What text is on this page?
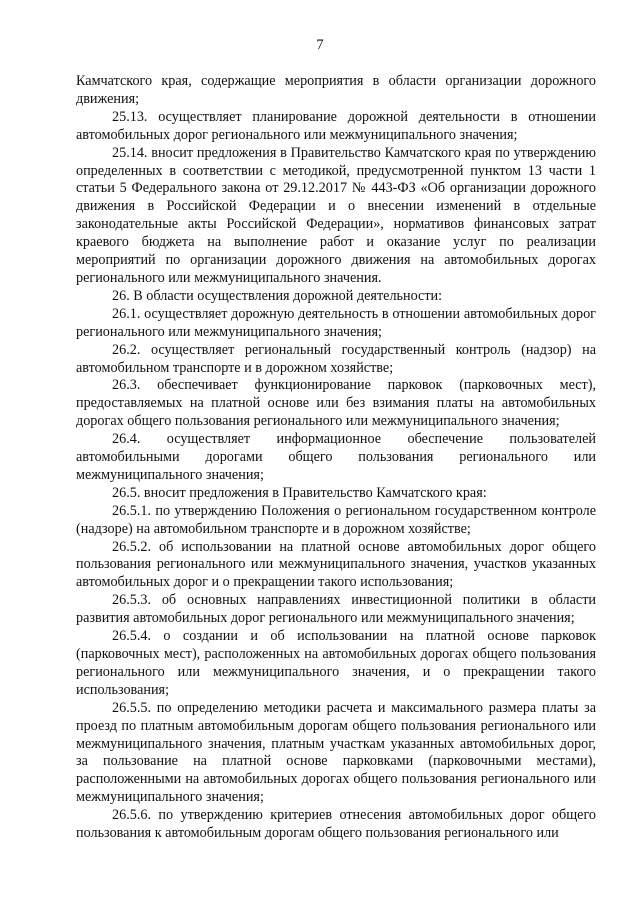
7

Камчатского края, содержащие мероприятия в области организации дорожного движения;

25.13. осуществляет планирование дорожной деятельности в отношении автомобильных дорог регионального или межмуниципального значения;

25.14. вносит предложения в Правительство Камчатского края по утверждению определенных в соответствии с методикой, предусмотренной пунктом 13 части 1 статьи 5 Федерального закона от 29.12.2017 № 443-ФЗ «Об организации дорожного движения в Российской Федерации и о внесении изменений в отдельные законодательные акты Российской Федерации», нормативов финансовых затрат краевого бюджета на выполнение работ и оказание услуг по реализации мероприятий по организации дорожного движения на автомобильных дорогах регионального или межмуниципального значения.

26. В области осуществления дорожной деятельности:

26.1. осуществляет дорожную деятельность в отношении автомобильных дорог регионального или межмуниципального значения;

26.2. осуществляет региональный государственный контроль (надзор) на автомобильном транспорте и в дорожном хозяйстве;

26.3. обеспечивает функционирование парковок (парковочных мест), предоставляемых на платной основе или без взимания платы на автомобильных дорогах общего пользования регионального или межмуниципального значения;

26.4. осуществляет информационное обеспечение пользователей автомобильными дорогами общего пользования регионального или межмуниципального значения;

26.5. вносит предложения в Правительство Камчатского края:

26.5.1. по утверждению Положения о региональном государственном контроле (надзоре) на автомобильном транспорте и в дорожном хозяйстве;

26.5.2. об использовании на платной основе автомобильных дорог общего пользования регионального или межмуниципального значения, участков указанных автомобильных дорог и о прекращении такого использования;

26.5.3. об основных направлениях инвестиционной политики в области развития автомобильных дорог регионального или межмуниципального значения;

26.5.4. о создании и об использовании на платной основе парковок (парковочных мест), расположенных на автомобильных дорогах общего пользования регионального или межмуниципального значения, и о прекращении такого использования;

26.5.5. по определению методики расчета и максимального размера платы за проезд по платным автомобильным дорогам общего пользования регионального или межмуниципального значения, платным участкам указанных автомобильных дорог, за пользование на платной основе парковками (парковочными местами), расположенными на автомобильных дорогах общего пользования регионального или межмуниципального значения;

26.5.6. по утверждению критериев отнесения автомобильных дорог общего пользования к автомобильным дорогам общего пользования регионального или
